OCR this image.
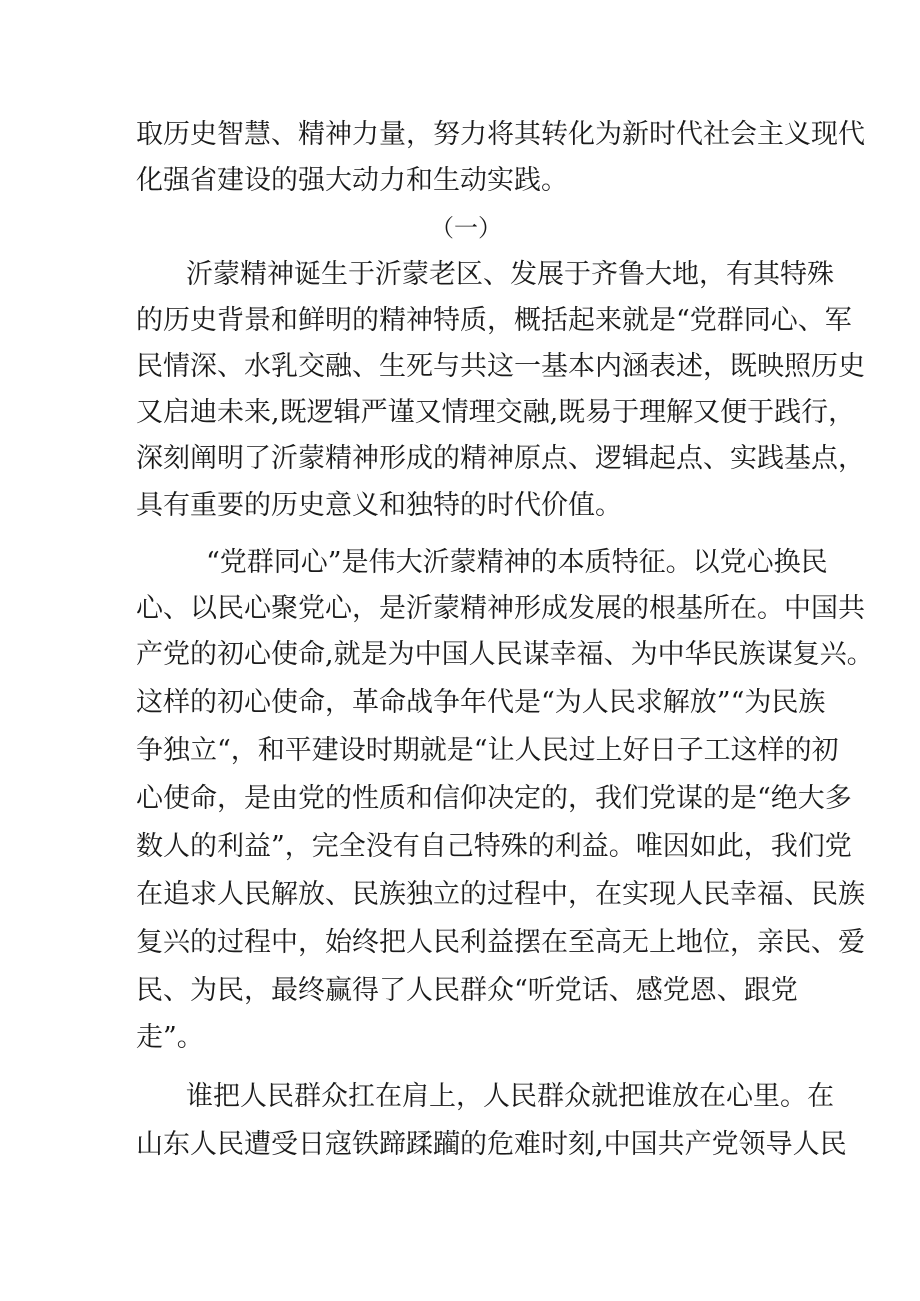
取历史智慧、精神力量，努力将其转化为新时代社会主义现代
化强省建设的强大动力和生动实践。
（一）
沂蒙精神诞生于沂蒙老区、发展于齐鲁大地，有其特殊
的历史背景和鲜明的精神特质，概括起来就是“党群同心、军
民情深、水乳交融、生死与共这一基本内涵表述，既映照历史
又启迪未来,既逻辑严谨又情理交融,既易于理解又便于践行，
深刻阐明了沂蒙精神形成的精神原点、逻辑起点、实践基点，
具有重要的历史意义和独特的时代价值。
“党群同心”是伟大沂蒙精神的本质特征。以党心换民
心、以民心聚党心，是沂蒙精神形成发展的根基所在。中国共
产党的初心使命,就是为中国人民谋幸福、为中华民族谋复兴。
这样的初心使命，革命战争年代是“为人民求解放”“为民族
争独立“，和平建设时期就是“让人民过上好日子工这样的初
心使命，是由党的性质和信仰决定的，我们党谋的是“绝大多
数人的利益”，完全没有自己特殊的利益。唯因如此，我们党
在追求人民解放、民族独立的过程中，在实现人民幸福、民族
复兴的过程中，始终把人民利益摆在至高无上地位，亲民、爱
民、为民，最终赢得了人民群众“听党话、感党恩、跟党
走”。
谁把人民群众扛在肩上，人民群众就把谁放在心里。在
山东人民遭受日寇铁蹄蹂躏的危难时刻,中国共产党领导人民
